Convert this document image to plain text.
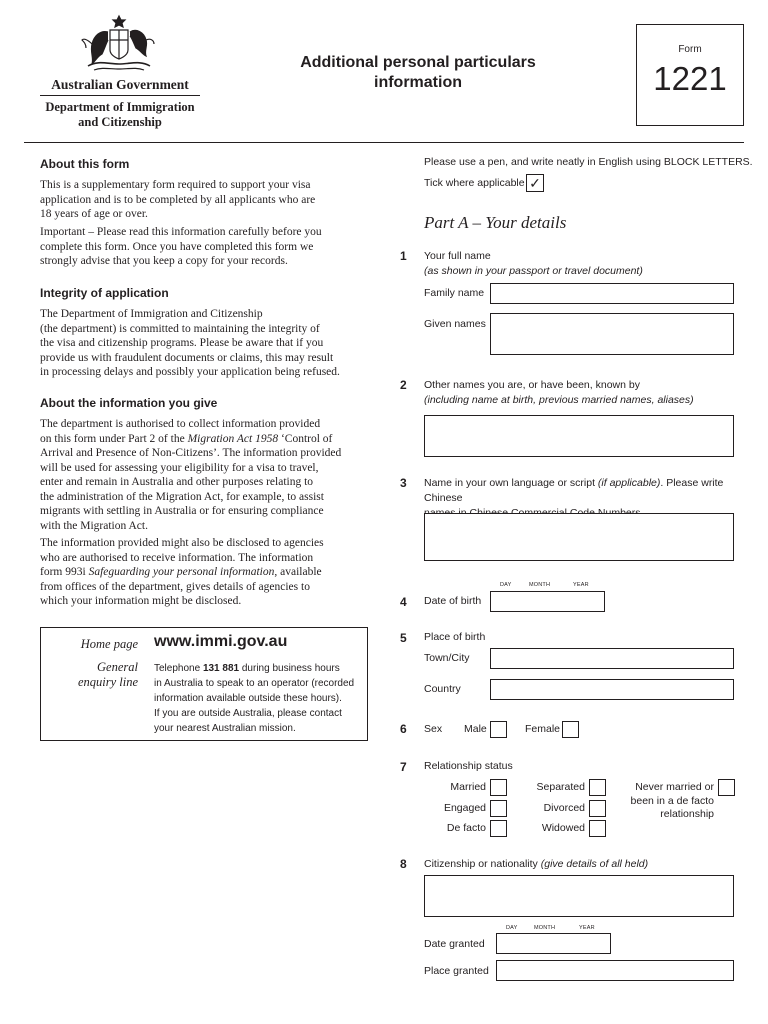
Australian Government
Department of Immigration
and Citizenship
Additional personal particulars
information
Form
1221
About this form
This is a supplementary form required to support your visa
application and is to be completed by all applicants who are
18 years of age or over.
Important – Please read this information carefully before you
complete this form. Once you have completed this form we
strongly advise that you keep a copy for your records.
Integrity of application
The Department of Immigration and Citizenship
(the department) is committed to maintaining the integrity of
the visa and citizenship programs. Please be aware that if you
provide us with fraudulent documents or claims, this may result
in processing delays and possibly your application being refused.
About the information you give
The department is authorised to collect information provided
on this form under Part 2 of the Migration Act 1958 ‘Control of
Arrival and Presence of Non-Citizens’. The information provided
will be used for assessing your eligibility for a visa to travel,
enter and remain in Australia and other purposes relating to
the administration of the Migration Act, for example, to assist
migrants with settling in Australia or for ensuring compliance
with the Migration Act.
The information provided might also be disclosed to agencies
who are authorised to receive information. The information
form 993i Safeguarding your personal information, available
from offices of the department, gives details of agencies to
which your information might be disclosed.
Home page www.immi.gov.au
General
enquiry line
Telephone 131 881 during business hours
in Australia to speak to an operator (recorded
information available outside these hours).
If you are outside Australia, please contact
your nearest Australian mission.
Please use a pen, and write neatly in English using BLOCK LETTERS.
Tick where applicable ✓
Part A – Your details
1 Your full name
(as shown in your passport or travel document)
Family name
Given names
2 Other names you are, or have been, known by
(including name at birth, previous married names, aliases)
3 Name in your own language or script (if applicable). Please write Chinese
DAY	MONTH	YEAR
4 Date of birth
5 Place of birth
Town/City
Country
6 Sex Male	Female
7 Relationship status
Married
Engaged
De facto
Separated
Divorced
Widowed
Never married or
been in a de facto
relationship
8 Citizenship or nationality (give details of all held)
DAY	MONTH	YEAR
Date granted
Place granted
